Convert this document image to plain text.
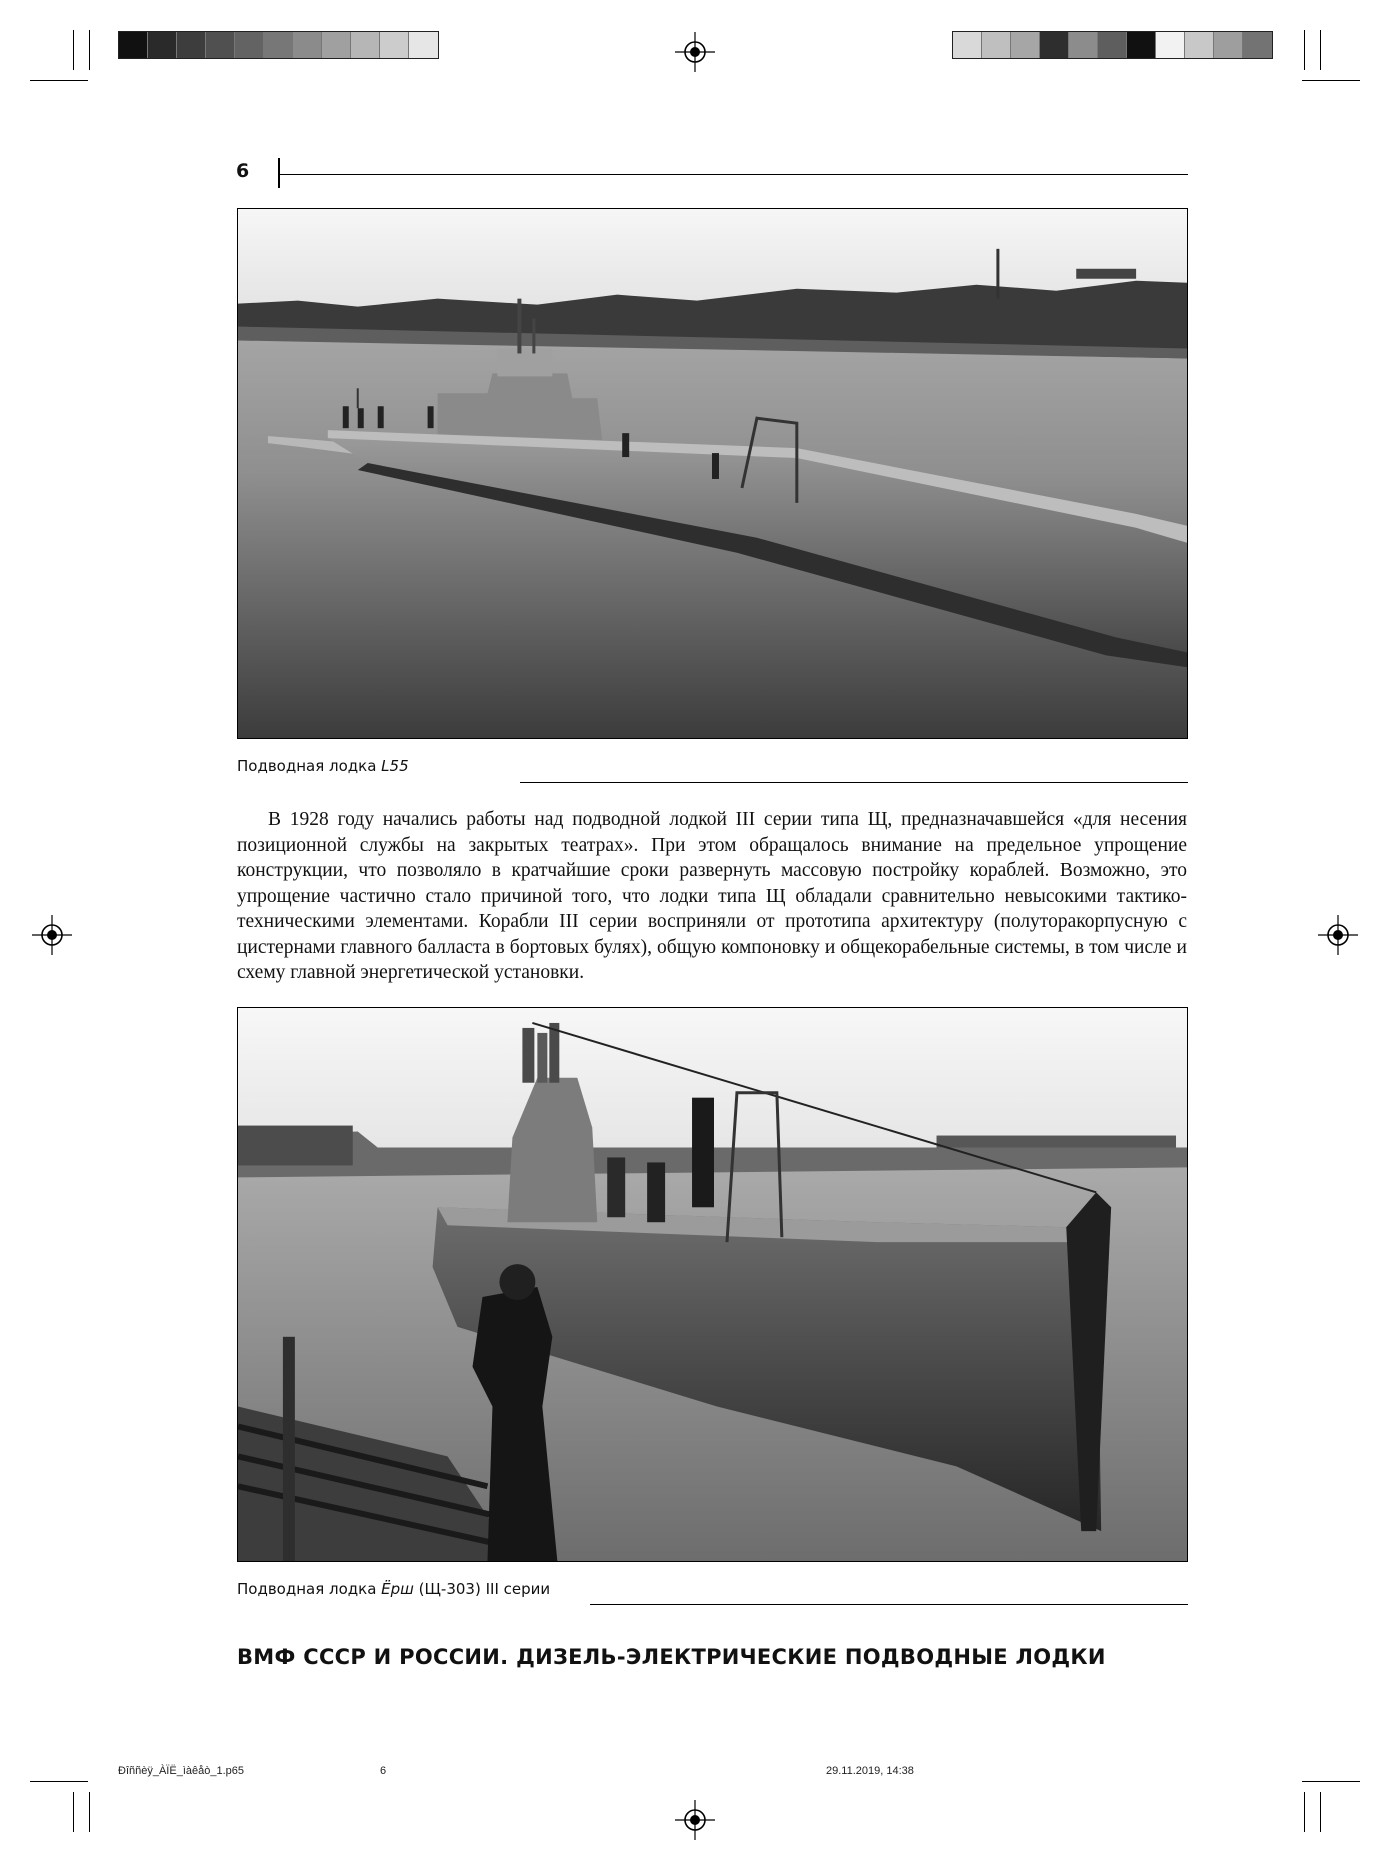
6
Подводная лодка L55

В 1928 году начались работы над подводной лодкой III серии типа Щ, предназначавшейся «для несения позиционной службы на закрытых театрах». При этом обращалось внимание на предельное упрощение конструкции, что позволяло в кратчайшие сроки развернуть массовую постройку кораблей. Возможно, это упрощение частично стало причиной того, что лодки типа Щ обладали сравнительно невысокими тактико-техническими элементами. Корабли III серии восприняли от прототипа архитектуру (полуторакорпусную с цистернами главного балласта в бортовых булях), общую компоновку и общекорабельные системы, в том числе и схему главной энергетической установки.

Подводная лодка Ёрш (Щ-303) III серии
ВМФ СССР И РОССИИ. ДИЗЕЛЬ-ЭЛЕКТРИЧЕСКИЕ ПОДВОДНЫЕ ЛОДКИ
Ðîññèÿ_ÀÏË_ìàêåò_1.p65	6	29.11.2019, 14:38
